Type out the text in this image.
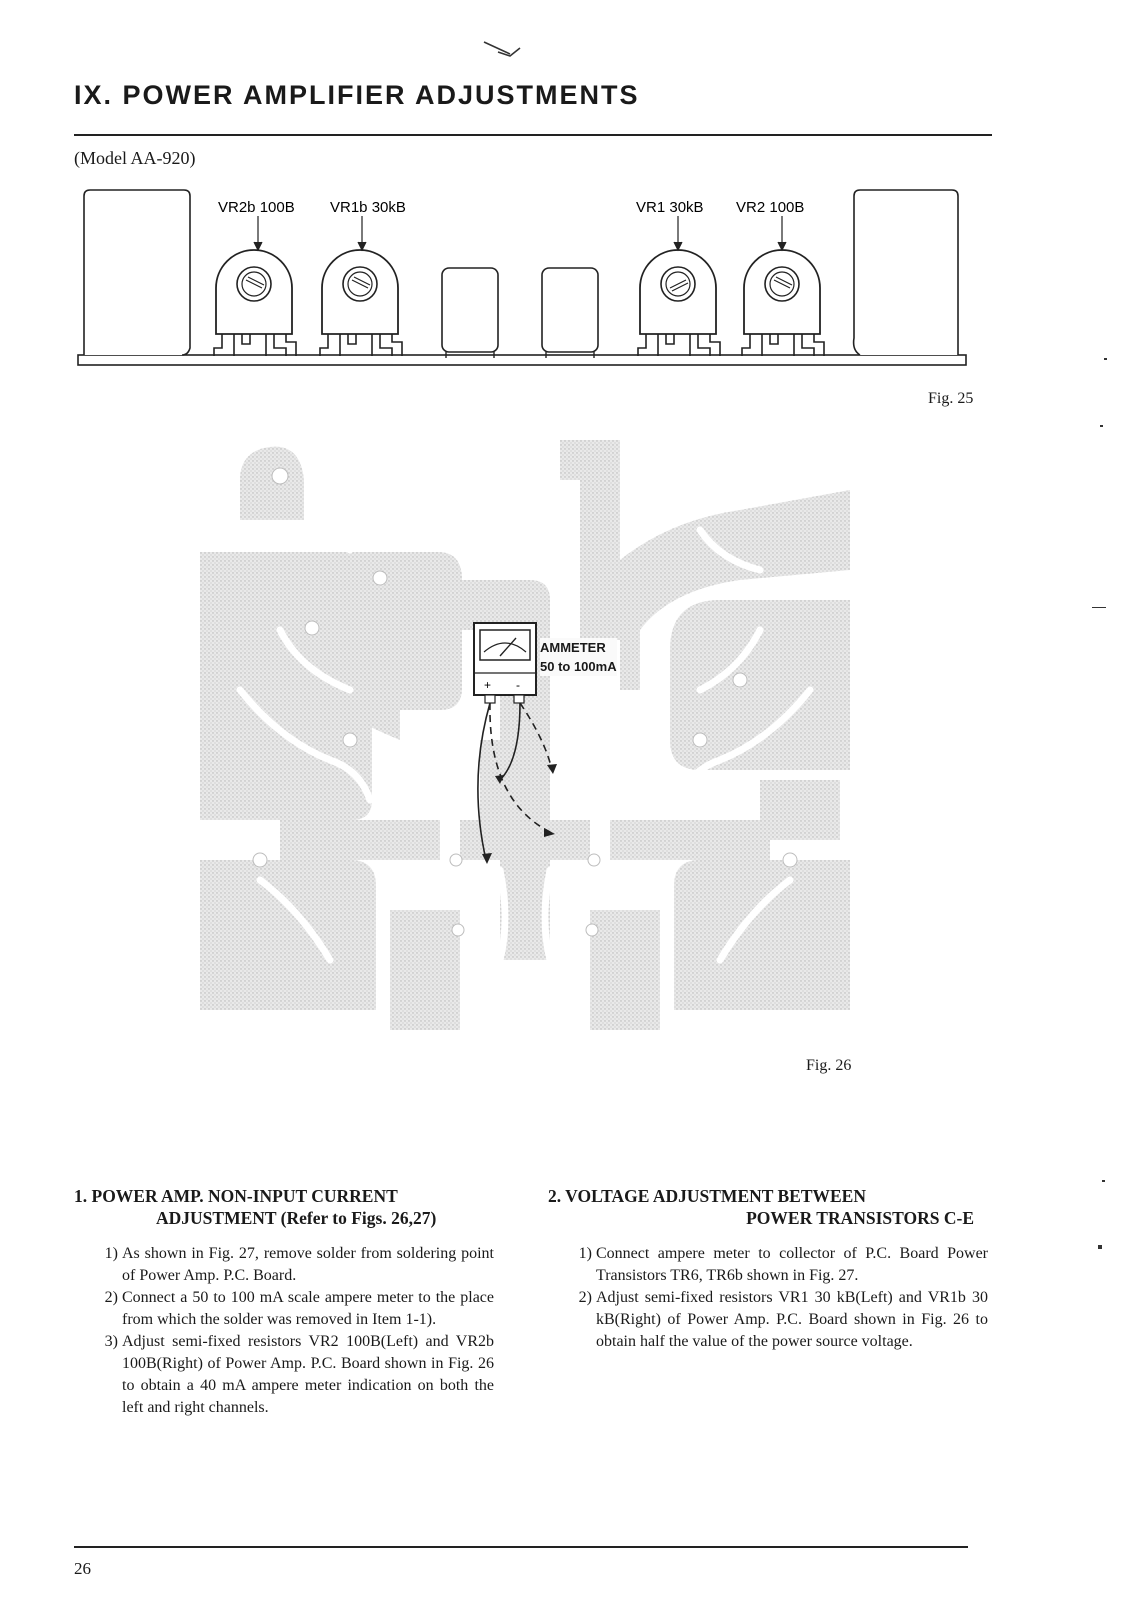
IX. POWER AMPLIFIER ADJUSTMENTS
(Model AA-920)
VR2b 100B VR1b 30kB	VR1 30kB VR2 100B
Fig. 25
+ -
AMMETER
50 to 100mA
Fig. 26
1. POWER AMP. NON-INPUT CURRENT
ADJUSTMENT (Refer to Figs. 26,27)
1) As shown in Fig. 27, remove solder from soldering point of Power Amp. P.C. Board.
2) Connect a 50 to 100 mA scale ampere meter to the place from which the solder was removed in Item 1-1).
3) Adjust semi-fixed resistors VR2 100B(Left) and VR2b 100B(Right) of Power Amp. P.C. Board shown in Fig. 26 to obtain a 40 mA ampere meter indication on both the left and right channels.
2. VOLTAGE ADJUSTMENT BETWEEN
POWER TRANSISTORS C-E
1) Connect ampere meter to collector of P.C. Board Power Transistors TR6, TR6b shown in Fig. 27.
2) Adjust semi-fixed resistors VR1 30 kB(Left) and VR1b 30 kB(Right) of Power Amp. P.C. Board shown in Fig. 26 to obtain half the value of the power source voltage.
26
